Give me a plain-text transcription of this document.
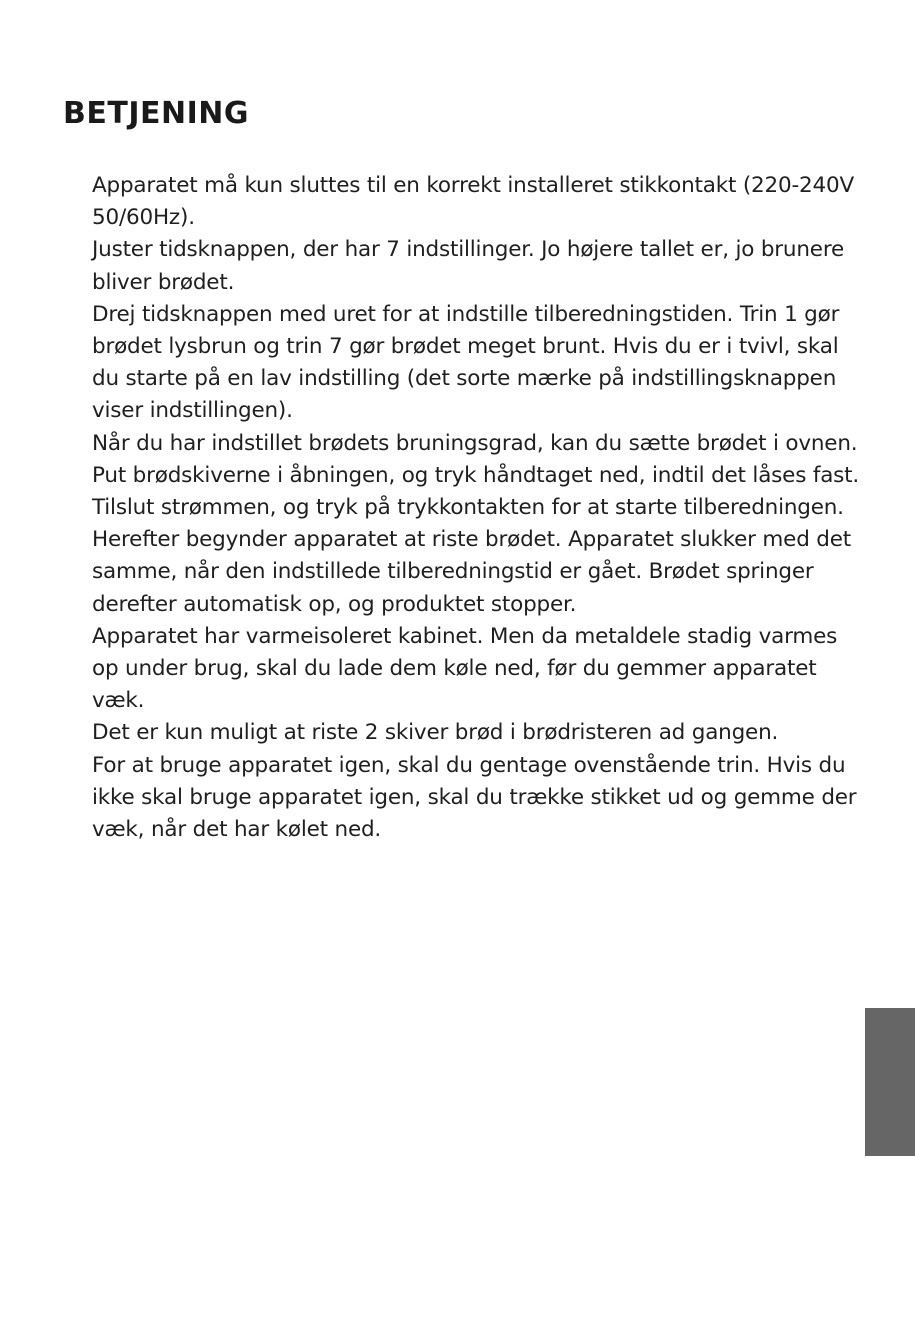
BETJENING

Apparatet må kun sluttes til en korrekt installeret stikkontakt (220-240V 50/60Hz).

Juster tidsknappen, der har 7 indstillinger. Jo højere tallet er, jo brunere bliver brødet.

Drej tidsknappen med uret for at indstille tilberedningstiden. Trin 1 gør brødet lysbrun og trin 7 gør brødet meget brunt. Hvis du er i tvivl, skal du starte på en lav indstilling (det sorte mærke på indstillingsknappen viser indstillingen).

Når du har indstillet brødets bruningsgrad, kan du sætte brødet i ovnen.

Put brødskiverne i åbningen, og tryk håndtaget ned, indtil det låses fast.

Tilslut strømmen, og tryk på trykkontakten for at starte tilberedningen.

Herefter begynder apparatet at riste brødet. Apparatet slukker med det samme, når den indstillede tilberedningstid er gået. Brødet springer derefter automatisk op, og produktet stopper.

Apparatet har varmeisoleret kabinet. Men da metaldele stadig varmes op under brug, skal du lade dem køle ned, før du gemmer apparatet væk.

Det er kun muligt at riste 2 skiver brød i brødristeren ad gangen.

For at bruge apparatet igen, skal du gentage ovenstående trin. Hvis du ikke skal bruge apparatet igen, skal du trække stikket ud og gemme der væk, når det har kølet ned.
